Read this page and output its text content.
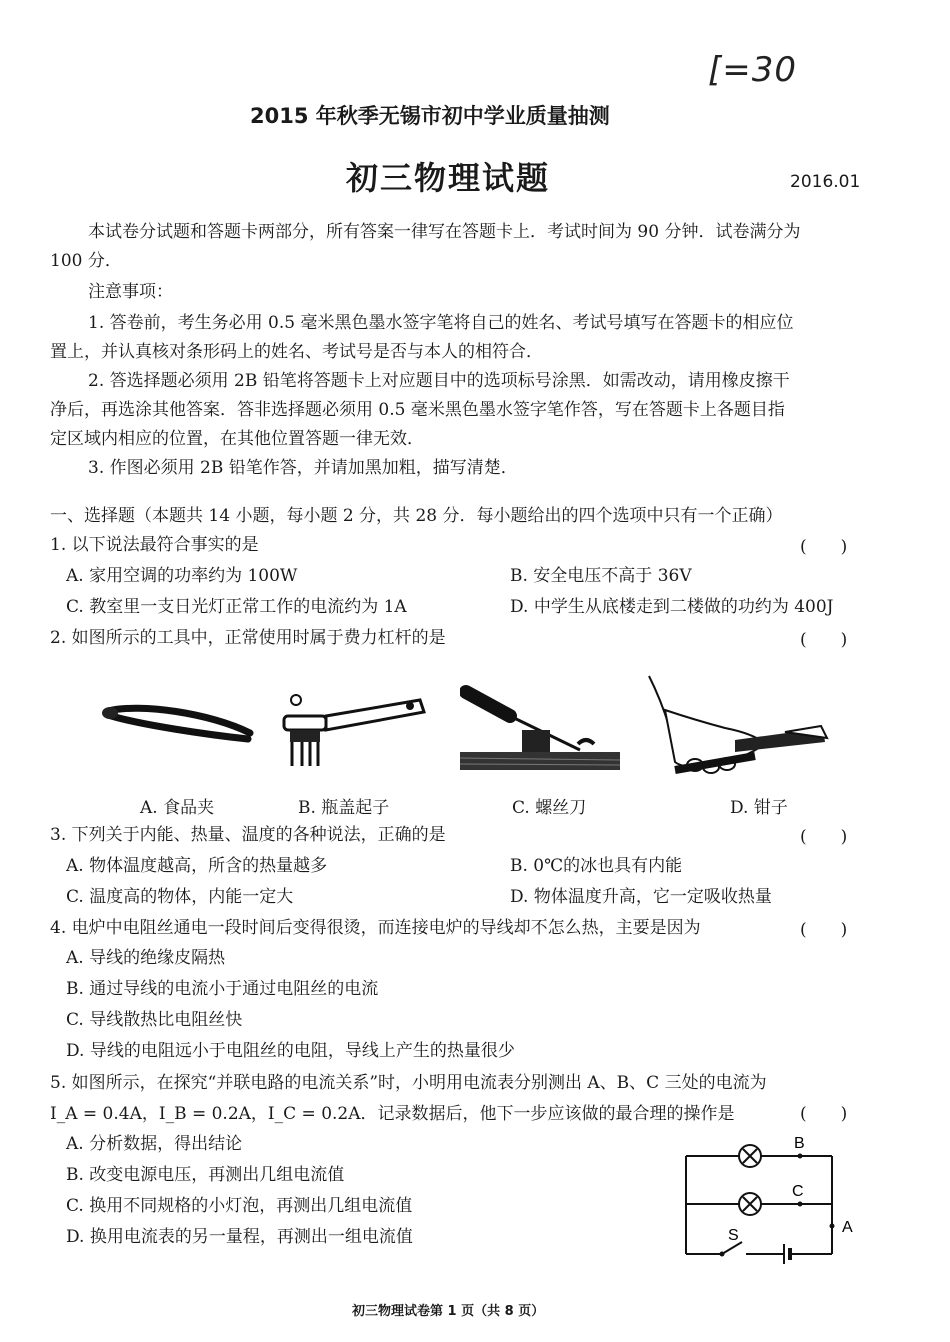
[=30
2015 年秋季无锡市初中学业质量抽测
初三物理试题	2016.01
本试卷分试题和答题卡两部分，所有答案一律写在答题卡上．考试时间为 90 分钟．试卷满分为
100 分．
注意事项：
1. 答卷前，考生务必用 0.5 毫米黑色墨水签字笔将自己的姓名、考试号填写在答题卡的相应位
置上，并认真核对条形码上的姓名、考试号是否与本人的相符合．
2. 答选择题必须用 2B 铅笔将答题卡上对应题目中的选项标号涂黑．如需改动，请用橡皮擦干
净后，再选涂其他答案．答非选择题必须用 0.5 毫米黑色墨水签字笔作答，写在答题卡上各题目指
定区域内相应的位置，在其他位置答题一律无效．
3. 作图必须用 2B 铅笔作答，并请加黑加粗，描写清楚．
一、选择题（本题共 14 小题，每小题 2 分，共 28 分．每小题给出的四个选项中只有一个正确）
1. 以下说法最符合事实的是	(　　)
A. 家用空调的功率约为 100W	B. 安全电压不高于 36V
C. 教室里一支日光灯正常工作的电流约为 1A	D. 中学生从底楼走到二楼做的功约为 400J
2. 如图所示的工具中，正常使用时属于费力杠杆的是	(　　)
A. 食品夹	B. 瓶盖起子	C. 螺丝刀	D. 钳子
3. 下列关于内能、热量、温度的各种说法，正确的是	(　　)
A. 物体温度越高，所含的热量越多	B. 0℃的冰也具有内能
C. 温度高的物体，内能一定大	D. 物体温度升高，它一定吸收热量
4. 电炉中电阻丝通电一段时间后变得很烫，而连接电炉的导线却不怎么热，主要是因为	(　　)
A. 导线的绝缘皮隔热
B. 通过导线的电流小于通过电阻丝的电流
C. 导线散热比电阻丝快
D. 导线的电阻远小于电阻丝的电阻，导线上产生的热量很少
5. 如图所示，在探究“并联电路的电流关系”时，小明用电流表分别测出 A、B、C 三处的电流为
I_A = 0.4A，I_B = 0.2A，I_C = 0.2A．记录数据后，他下一步应该做的最合理的操作是	(　　)
A. 分析数据，得出结论
B. 改变电源电压，再测出几组电流值
C. 换用不同规格的小灯泡，再测出几组电流值
D. 换用电流表的另一量程，再测出一组电流值
B
C
A
S
初三物理试卷第 1 页（共 8 页）
